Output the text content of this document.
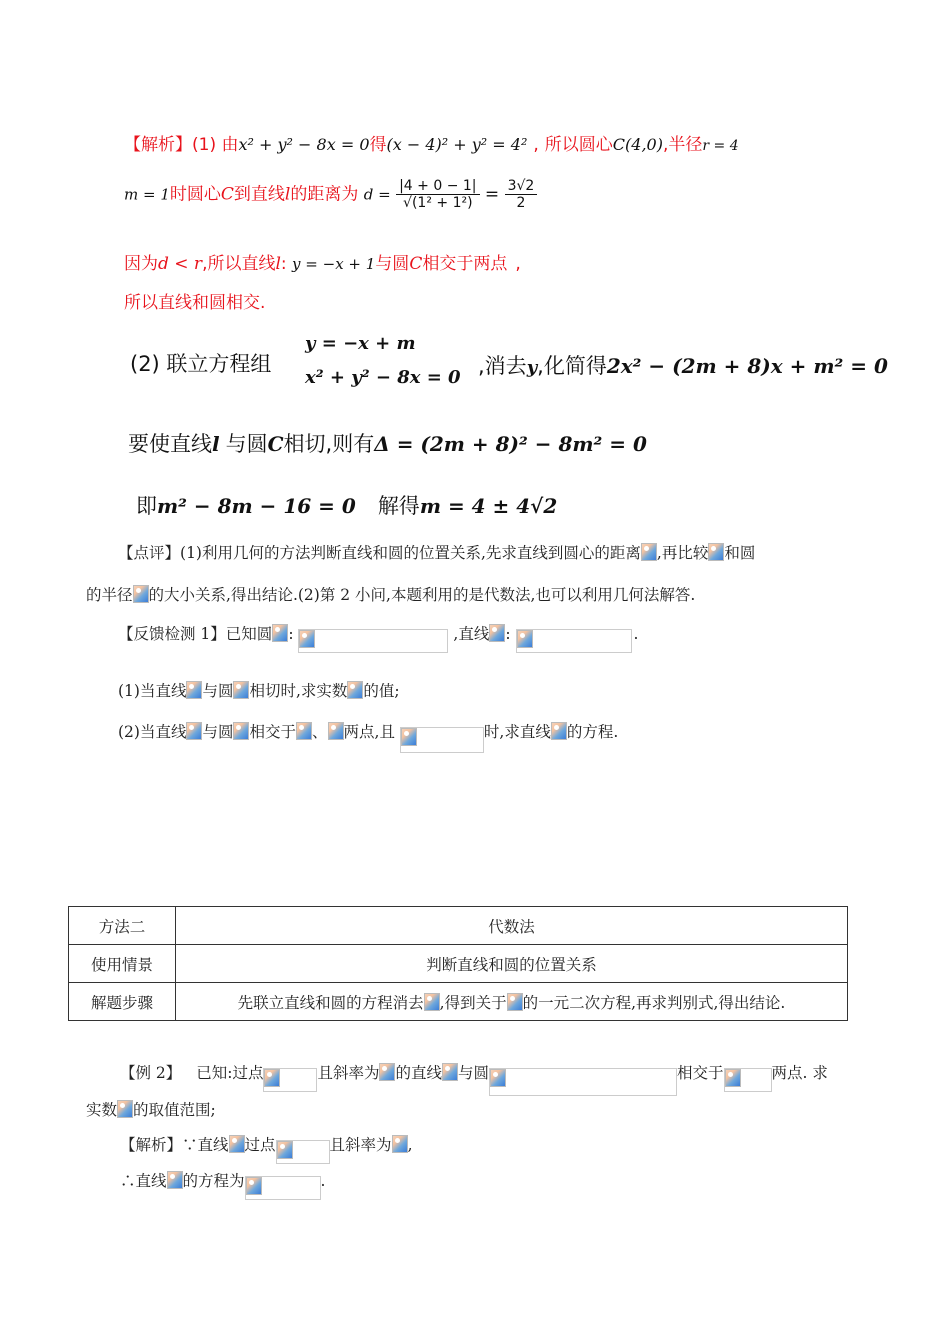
【解析】(1) 由x² + y² − 8x = 0得(x − 4)² + y² = 4² , 所以圆心C(4,0),半径r = 4
m = 1时圆心C到直线l的距离为 $d = \frac{|4 + 0 - 1|}{\text{√(1² + 1²)}} = \frac{3√2}{2}$
因为d < r,所以直线l: y = −x + 1与圆C相交于两点 ,
所以直线和圆相交.
(2) 联立方程组
y = −x + m
x² + y² − 8x = 0 ,消去y,化简得2x² − (2m + 8)x + m² = 0
要使直线l 与圆C相切,则有Δ = (2m + 8)² − 8m² = 0
即m² − 8m − 16 = 0 解得m = 4 ± 4√2
【点评】(1)利用几何的方法判断直线和圆的位置关系,先求直线到圆心的距离 ,再比较 和圆
的半径 的大小关系,得出结论.(2)第 2 小问,本题利用的是代数法,也可以利用几何法解答.
【反馈检测 1】已知圆 :	,直线 :	.
(1)当直线 与圆 相切时,求实数 的值;
(2)当直线 与圆 相交于 、 两点,且	时,求直线 的方程.
方法二	代数法
使用情景	判断直线和圆的位置关系
解题步骤	先联立直线和圆的方程消去 ,得到关于 的一元二次方程,再求判别式,得出结论.
【例 2】 已知:过点	且斜率为 的直线 与圆	相交于	两点. 求
实数 的取值范围;
【解析】∵直线 过点	且斜率为 ,
∴直线 的方程为	.
